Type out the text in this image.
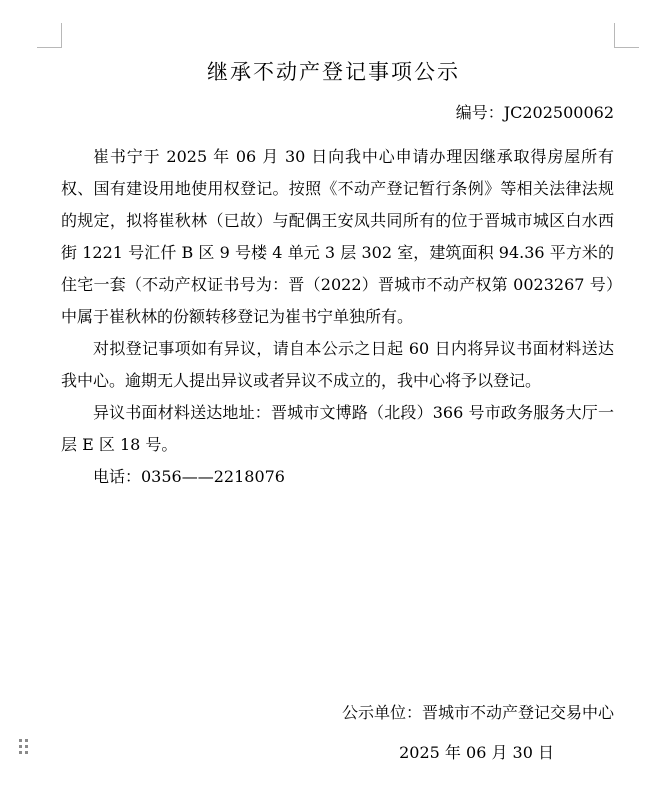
继承不动产登记事项公示
编号：JC202500062

崔书宁于 2025 年 06 月 30 日向我中心申请办理因继承取得房屋所有权、国有建设用地使用权登记。按照《不动产登记暂行条例》等相关法律法规的规定，拟将崔秋林（已故）与配偶王安凤共同所有的位于晋城市城区白水西街 1221 号汇仟 B 区 9 号楼 4 单元 3 层 302 室，建筑面积 94.36 平方米的住宅一套（不动产权证书号为：晋（2022）晋城市不动产权第 0023267 号）中属于崔秋林的份额转移登记为崔书宁单独所有。

对拟登记事项如有异议，请自本公示之日起 60 日内将异议书面材料送达我中心。逾期无人提出异议或者异议不成立的，我中心将予以登记。

异议书面材料送达地址：晋城市文博路（北段）366 号市政务服务大厅一层 E 区 18 号。

电话：0356——2218076

公示单位：晋城市不动产登记交易中心
2025 年 06 月 30 日
